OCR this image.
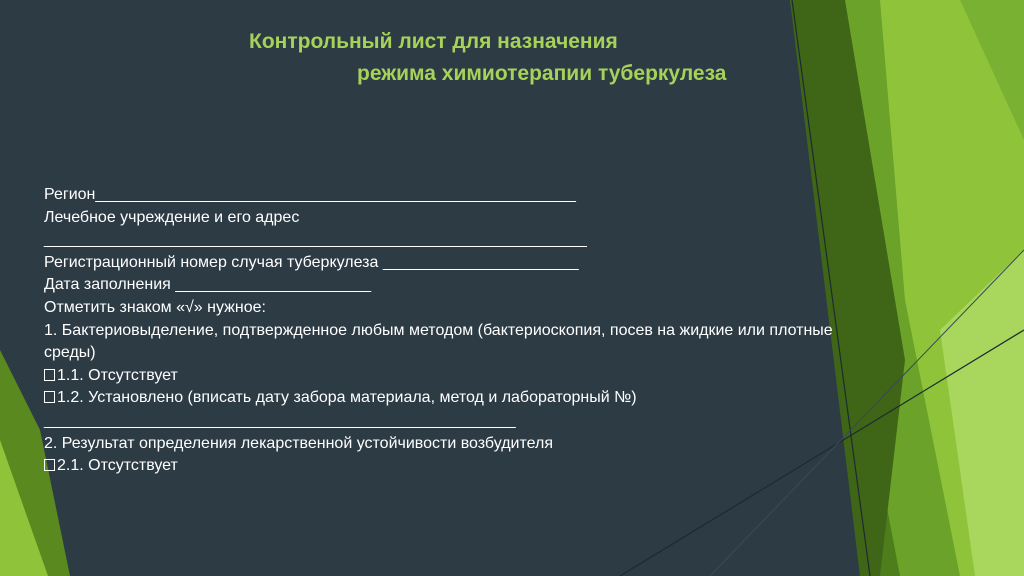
Контрольный лист для назначения
режима химиотерапии туберкулеза
Регион______________________________________________________
Лечебное учреждение и его адрес
_____________________________________________________________
Регистрационный номер случая туберкулеза ______________________
Дата заполнения ______________________
Отметить знаком «√» нужное:
1. Бактериовыделение, подтвержденное любым методом (бактериоскопия, посев на жидкие или плотные среды)
1.1. Отсутствует
1.2. Установлено (вписать дату забора материала, метод и лабораторный №)
_____________________________________________________
2. Результат определения лекарственной устойчивости возбудителя
2.1. Отсутствует
